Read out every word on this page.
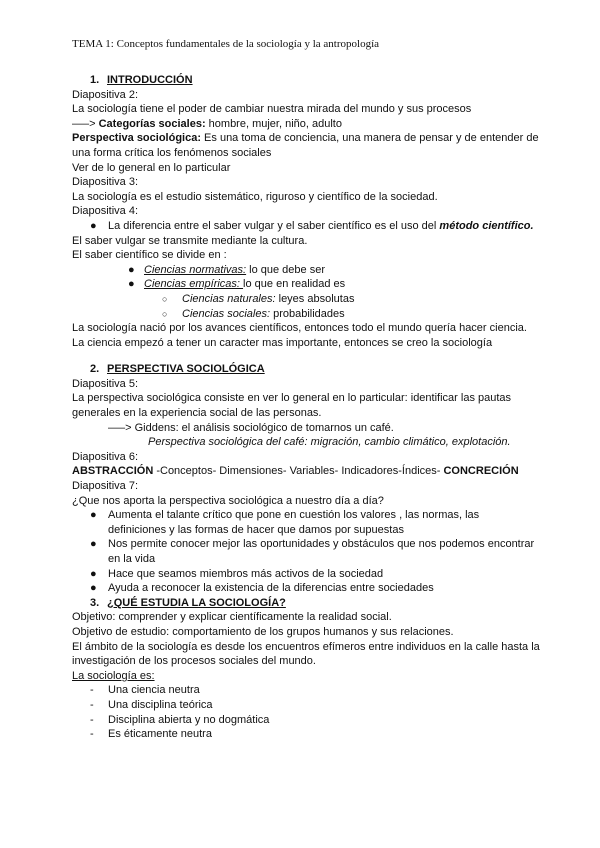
TEMA 1: Conceptos fundamentales de la sociología y la antropología
1. INTRODUCCIÓN
Diapositiva 2:
La sociología tiene el poder de cambiar nuestra mirada del mundo y sus procesos
—–> Categorías sociales: hombre, mujer, niño, adulto
Perspectiva sociológica: Es una toma de conciencia, una manera de pensar y de entender de una forma crítica los fenómenos sociales
Ver de lo general en lo particular
Diapositiva 3:
La sociología es el estudio sistemático, riguroso y científico de la sociedad.
Diapositiva 4:
● La diferencia entre el saber vulgar y el saber científico es el uso del método científico.
El saber vulgar se transmite mediante la cultura.
El saber científico se divide en :
● Ciencias normativas: lo que debe ser
● Ciencias empíricas: lo que en realidad es
○ Ciencias naturales: leyes absolutas
○ Ciencias sociales: probabilidades
La sociología nació por los avances científicos, entonces todo el mundo quería hacer ciencia. La ciencia empezó a tener un caracter mas importante, entonces se creo la sociología
2. PERSPECTIVA SOCIOLÓGICA
Diapositiva 5:
La perspectiva sociológica consiste en ver lo general en lo particular: identificar las pautas generales en la experiencia social de las personas.
—–> Giddens: el análisis sociológico de tomarnos un café.
Perspectiva sociológica del café: migración, cambio climático, explotación.
Diapositiva 6:
ABSTRACCIÓN -Conceptos- Dimensiones- Variables- Indicadores-Índices- CONCRECIÓN
Diapositiva 7:
¿Que nos aporta la perspectiva sociológica a nuestro día a día?
● Aumenta el talante crítico que pone en cuestión los valores , las normas, las definiciones y las formas de hacer que damos por supuestas
● Nos permite conocer mejor las oportunidades y obstáculos que nos podemos encontrar en la vida
● Hace que seamos miembros más activos de la sociedad
● Ayuda a reconocer la existencia de la diferencias entre sociedades
3. ¿QUÉ ESTUDIA LA SOCIOLOGÍA?
Objetivo: comprender y explicar científicamente la realidad social.
Objetivo de estudio: comportamiento de los grupos humanos y sus relaciones.
El ámbito de la sociología es desde los encuentros efímeros entre individuos en la calle hasta la investigación de los procesos sociales del mundo.
La sociología es:
- Una ciencia neutra
- Una disciplina teórica
- Disciplina abierta y no dogmática
- Es éticamente neutra
